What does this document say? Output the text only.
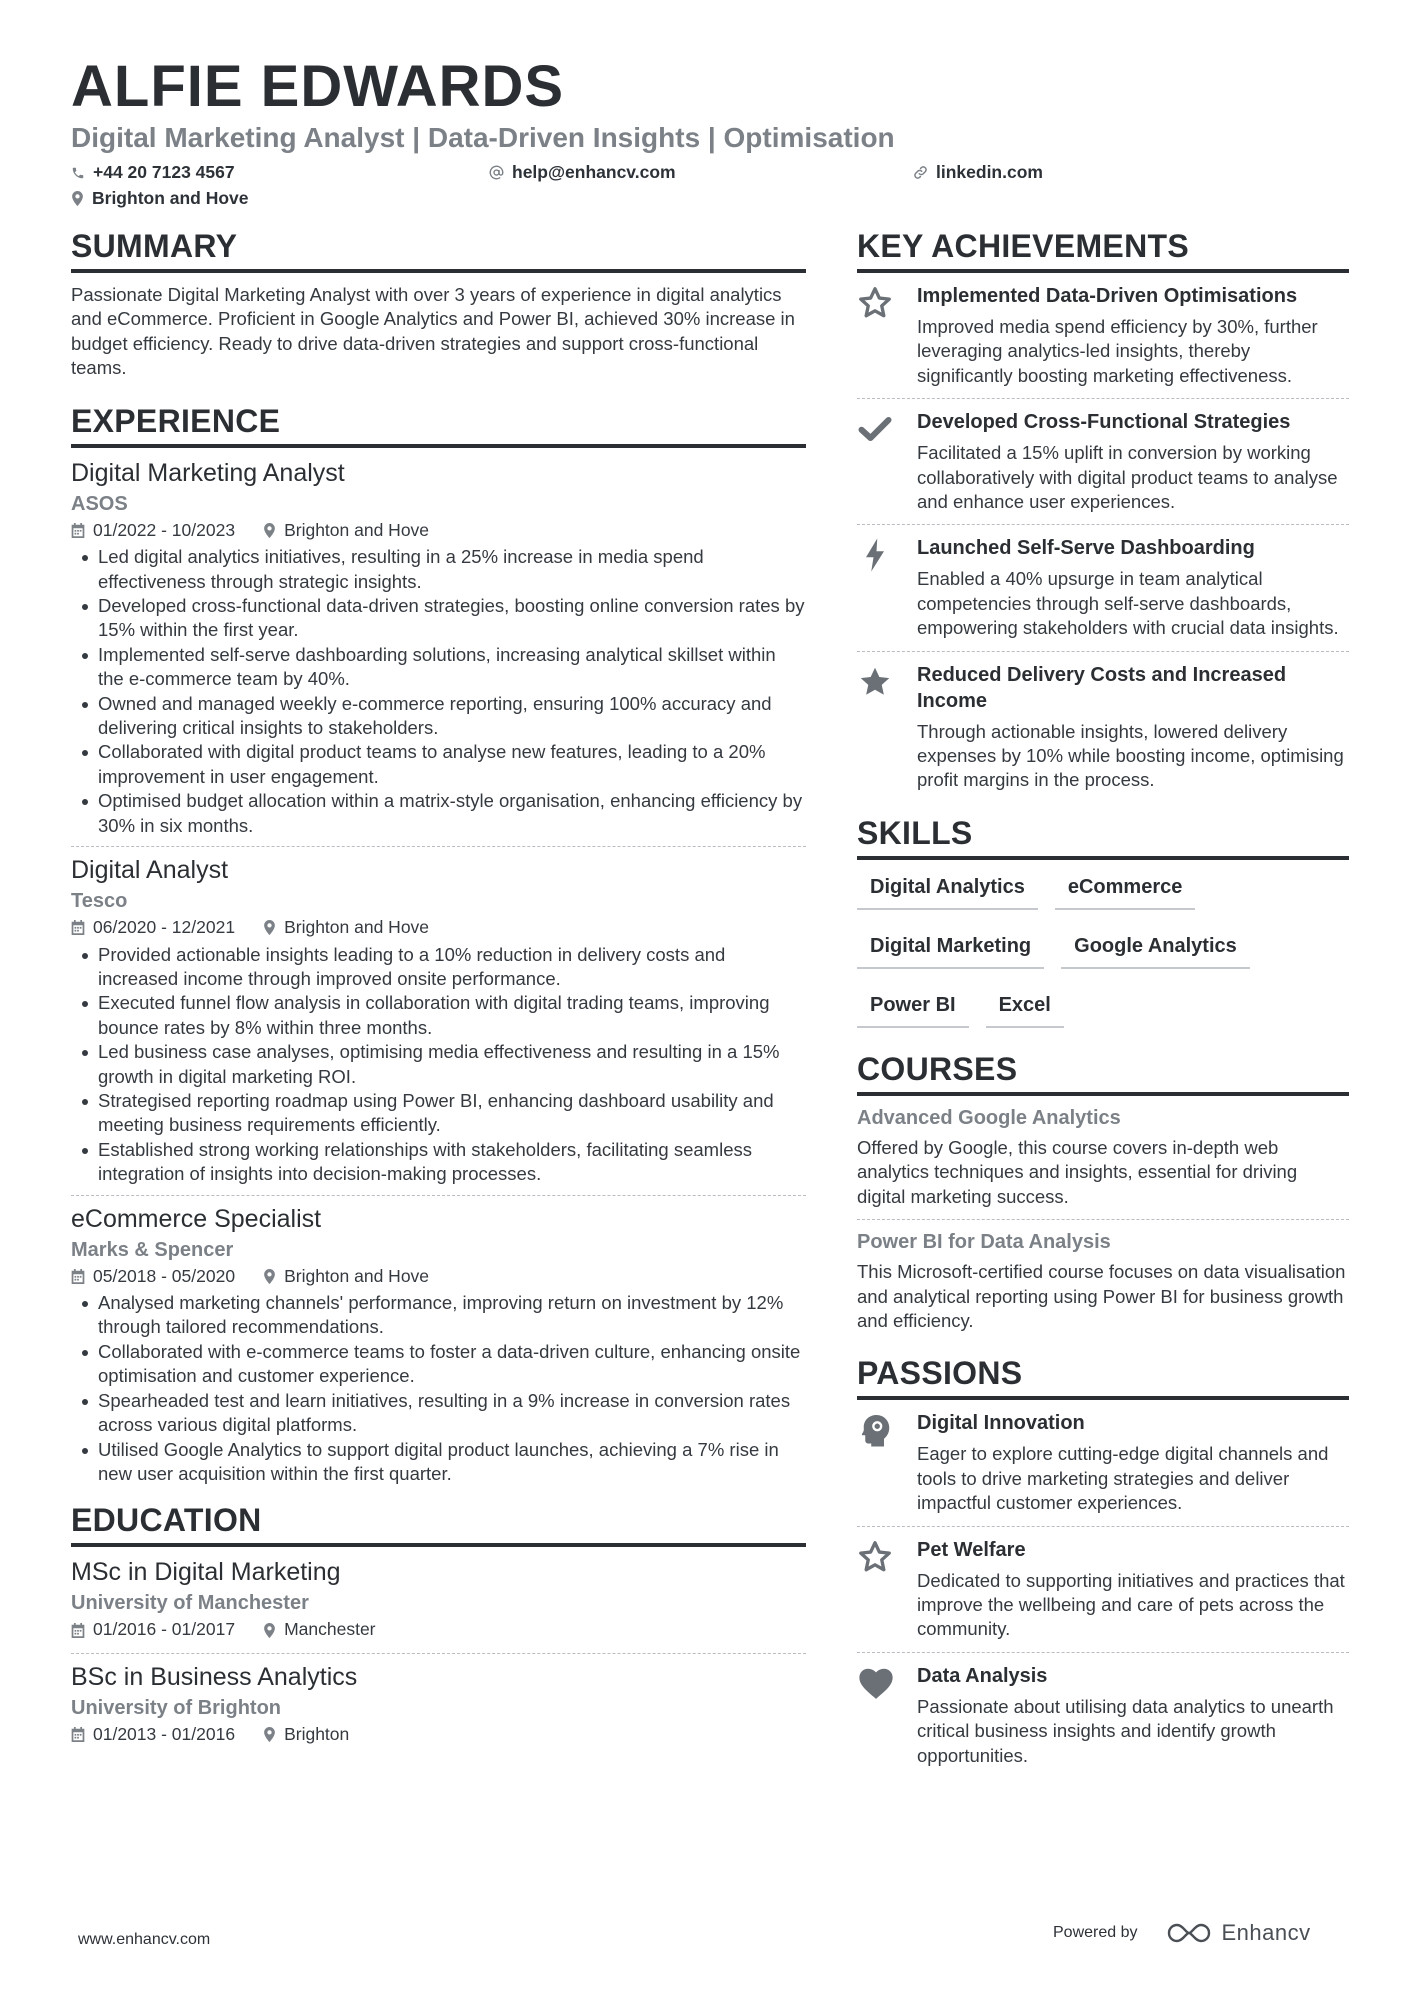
ALFIE EDWARDS
Digital Marketing Analyst | Data-Driven Insights | Optimisation
+44 20 7123 4567	help@enhancv.com	linkedin.com
Brighton and Hove
SUMMARY
Passionate Digital Marketing Analyst with over 3 years of experience in digital analytics and eCommerce. Proficient in Google Analytics and Power BI, achieved 30% increase in budget efficiency. Ready to drive data-driven strategies and support cross-functional teams.
EXPERIENCE
Digital Marketing Analyst
ASOS
01/2022 - 10/2023	Brighton and Hove
Led digital analytics initiatives, resulting in a 25% increase in media spend effectiveness through strategic insights.
Developed cross-functional data-driven strategies, boosting online conversion rates by 15% within the first year.
Implemented self-serve dashboarding solutions, increasing analytical skillset within the e-commerce team by 40%.
Owned and managed weekly e-commerce reporting, ensuring 100% accuracy and delivering critical insights to stakeholders.
Collaborated with digital product teams to analyse new features, leading to a 20% improvement in user engagement.
Optimised budget allocation within a matrix-style organisation, enhancing efficiency by 30% in six months.
Digital Analyst
Tesco
06/2020 - 12/2021	Brighton and Hove
Provided actionable insights leading to a 10% reduction in delivery costs and increased income through improved onsite performance.
Executed funnel flow analysis in collaboration with digital trading teams, improving bounce rates by 8% within three months.
Led business case analyses, optimising media effectiveness and resulting in a 15% growth in digital marketing ROI.
Strategised reporting roadmap using Power BI, enhancing dashboard usability and meeting business requirements efficiently.
Established strong working relationships with stakeholders, facilitating seamless integration of insights into decision-making processes.
eCommerce Specialist
Marks & Spencer
05/2018 - 05/2020	Brighton and Hove
Analysed marketing channels' performance, improving return on investment by 12% through tailored recommendations.
Collaborated with e-commerce teams to foster a data-driven culture, enhancing onsite optimisation and customer experience.
Spearheaded test and learn initiatives, resulting in a 9% increase in conversion rates across various digital platforms.
Utilised Google Analytics to support digital product launches, achieving a 7% rise in new user acquisition within the first quarter.
EDUCATION
MSc in Digital Marketing
University of Manchester
01/2016 - 01/2017	Manchester
BSc in Business Analytics
University of Brighton
01/2013 - 01/2016	Brighton
KEY ACHIEVEMENTS
Implemented Data-Driven Optimisations
Improved media spend efficiency by 30%, further leveraging analytics-led insights, thereby significantly boosting marketing effectiveness.
Developed Cross-Functional Strategies
Facilitated a 15% uplift in conversion by working collaboratively with digital product teams to analyse and enhance user experiences.
Launched Self-Serve Dashboarding
Enabled a 40% upsurge in team analytical competencies through self-serve dashboards, empowering stakeholders with crucial data insights.
Reduced Delivery Costs and Increased Income
Through actionable insights, lowered delivery expenses by 10% while boosting income, optimising profit margins in the process.
SKILLS
Digital Analytics	eCommerce
Digital Marketing	Google Analytics
Power BI	Excel
COURSES
Advanced Google Analytics
Offered by Google, this course covers in-depth web analytics techniques and insights, essential for driving digital marketing success.
Power BI for Data Analysis
This Microsoft-certified course focuses on data visualisation and analytical reporting using Power BI for business growth and efficiency.
PASSIONS
Digital Innovation
Eager to explore cutting-edge digital channels and tools to drive marketing strategies and deliver impactful customer experiences.
Pet Welfare
Dedicated to supporting initiatives and practices that improve the wellbeing and care of pets across the community.
Data Analysis
Passionate about utilising data analytics to unearth critical business insights and identify growth opportunities.
www.enhancv.com	Powered by	Enhancv
